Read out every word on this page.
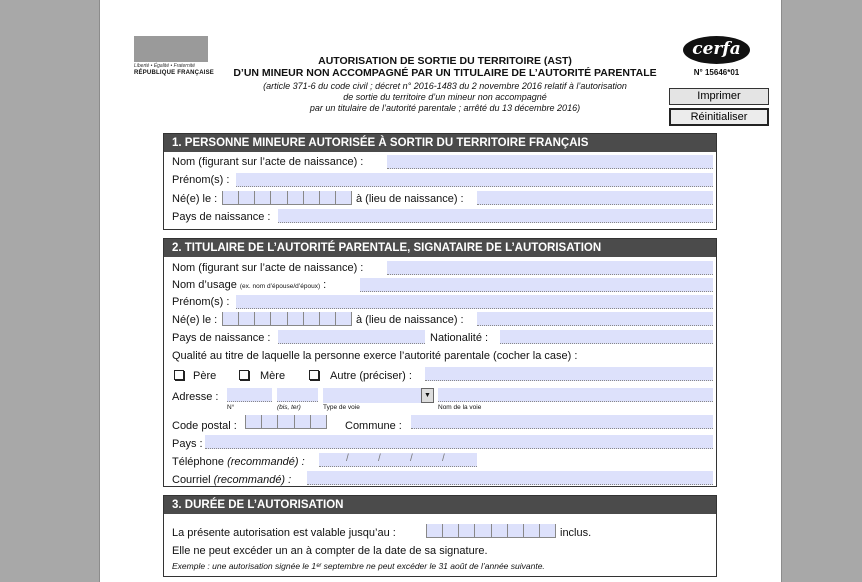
Liberté • Égalité • Fraternité
RÉPUBLIQUE FRANÇAISE
AUTORISATION DE SORTIE DU TERRITOIRE (AST)
D’UN MINEUR NON ACCOMPAGNÉ PAR UN TITULAIRE DE L’AUTORITÉ PARENTALE
(article 371-6 du code civil ; décret n° 2016-1483 du 2 novembre 2016 relatif à l’autorisation
de sortie du territoire d’un mineur non accompagné
par un titulaire de l’autorité parentale ; arrêté du 13 décembre 2016)
cerfa
N° 15646*01
Imprimer
Réinitialiser
1. PERSONNE MINEURE AUTORISÉE À SORTIR DU TERRITOIRE FRANÇAIS
Nom (figurant sur l’acte de naissance) :
Prénom(s) :
Né(e) le :	à (lieu de naissance) :
Pays de naissance :
2. TITULAIRE DE L’AUTORITÉ PARENTALE, SIGNATAIRE DE L’AUTORISATION
Nom (figurant sur l’acte de naissance) :
Nom d’usage (ex. nom d’épouse/d’époux) :
Prénom(s) :
Né(e) le :	à (lieu de naissance) :
Pays de naissance :	Nationalité :
Qualité au titre de laquelle la personne exerce l’autorité parentale (cocher la case) :
Père	Mère	Autre (préciser) :
Adresse :	▼
N°	(bis, ter)	Type de voie	Nom de la voie
Code postal :	Commune :
Pays :
Téléphone (recommandé) :	/	/	/	/
Courriel (recommandé) :
3. DURÉE DE L’AUTORISATION
La présente autorisation est valable jusqu’au :	inclus.
Elle ne peut excéder un an à compter de la date de sa signature.
Exemple : une autorisation signée le 1ᵉʳ septembre ne peut excéder le 31 août de l’année suivante.
